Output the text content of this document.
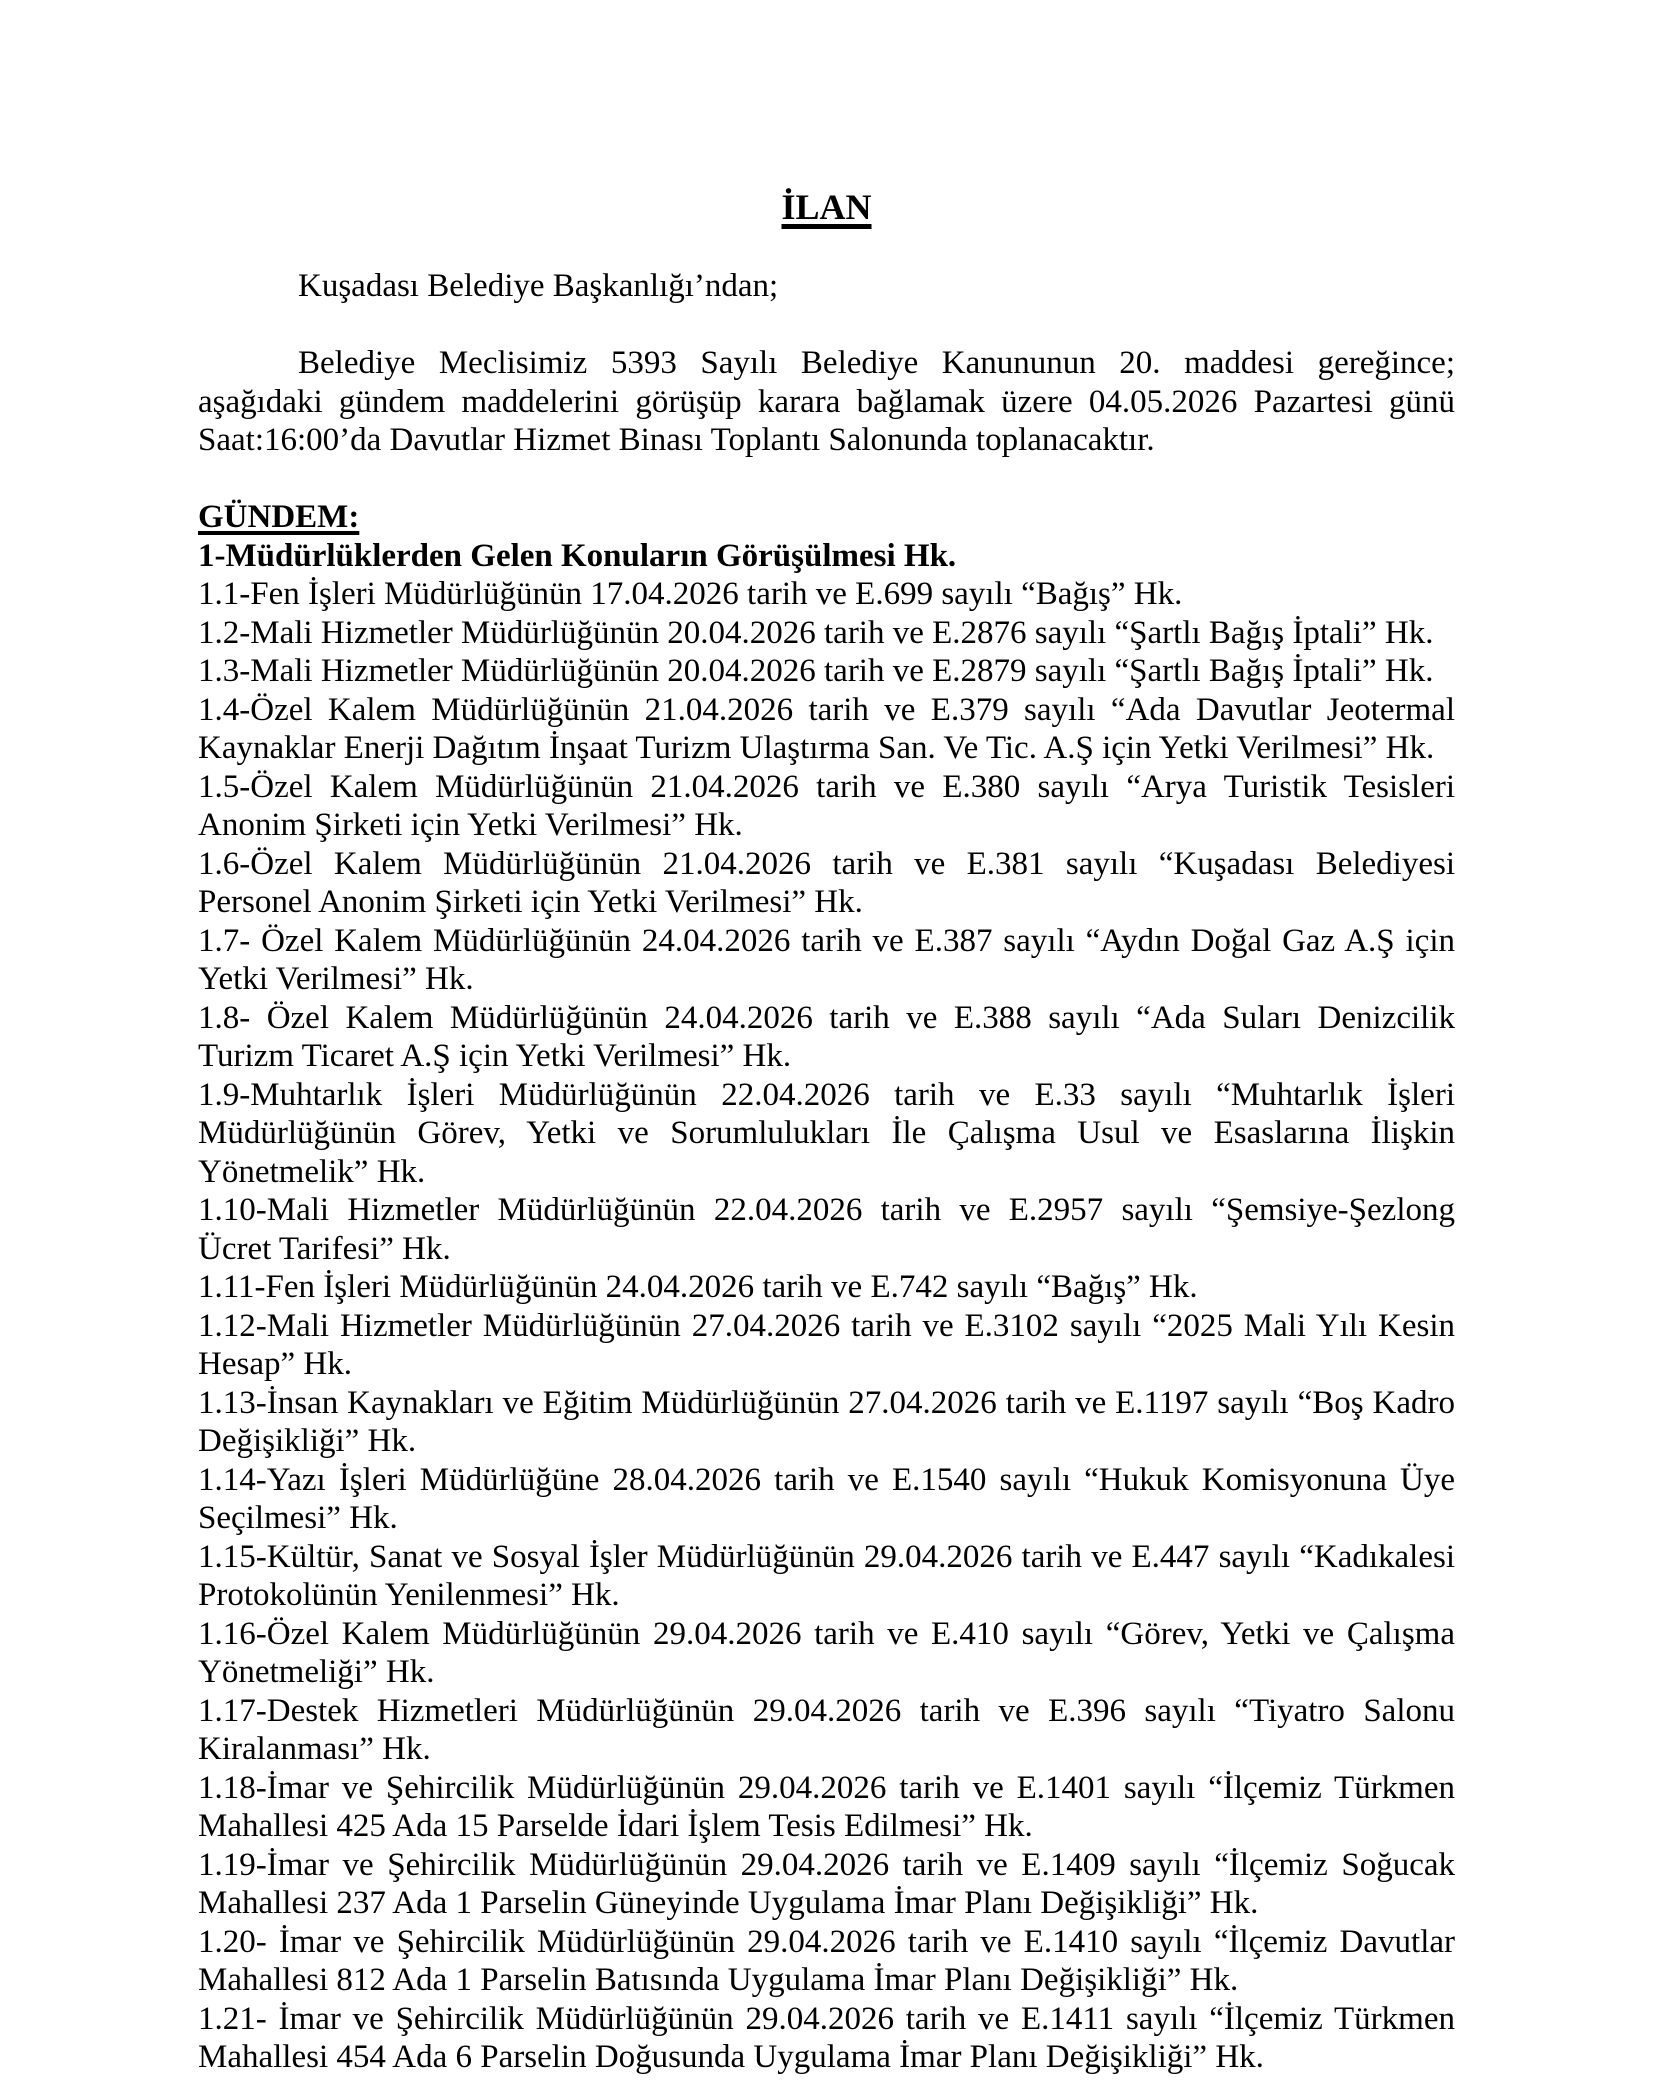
İLAN

Kuşadası Belediye Başkanlığı’ndan;

Belediye Meclisimiz 5393 Sayılı Belediye Kanununun 20. maddesi gereğince; aşağıdaki gündem maddelerini görüşüp karara bağlamak üzere 04.05.2026 Pazartesi günü Saat:16:00’da Davutlar Hizmet Binası Toplantı Salonunda toplanacaktır.

GÜNDEM:

1-Müdürlüklerden Gelen Konuların Görüşülmesi Hk.

1.1-Fen İşleri Müdürlüğünün 17.04.2026 tarih ve E.699 sayılı “Bağış” Hk.

1.2-Mali Hizmetler Müdürlüğünün 20.04.2026 tarih ve E.2876 sayılı “Şartlı Bağış İptali” Hk.

1.3-Mali Hizmetler Müdürlüğünün 20.04.2026 tarih ve E.2879 sayılı “Şartlı Bağış İptali” Hk.

1.4-Özel Kalem Müdürlüğünün 21.04.2026 tarih ve E.379 sayılı “Ada Davutlar Jeotermal Kaynaklar Enerji Dağıtım İnşaat Turizm Ulaştırma San. Ve Tic. A.Ş için Yetki Verilmesi” Hk.

1.5-Özel Kalem Müdürlüğünün 21.04.2026 tarih ve E.380 sayılı “Arya Turistik Tesisleri Anonim Şirketi için Yetki Verilmesi” Hk.

1.6-Özel Kalem Müdürlüğünün 21.04.2026 tarih ve E.381 sayılı “Kuşadası Belediyesi Personel Anonim Şirketi için Yetki Verilmesi” Hk.

1.7- Özel Kalem Müdürlüğünün 24.04.2026 tarih ve E.387 sayılı “Aydın Doğal Gaz A.Ş için Yetki Verilmesi” Hk.

1.8- Özel Kalem Müdürlüğünün 24.04.2026 tarih ve E.388 sayılı “Ada Suları Denizcilik Turizm Ticaret A.Ş için Yetki Verilmesi” Hk.

1.9-Muhtarlık İşleri Müdürlüğünün 22.04.2026 tarih ve E.33 sayılı “Muhtarlık İşleri Müdürlüğünün Görev, Yetki ve Sorumlulukları İle Çalışma Usul ve Esaslarına İlişkin Yönetmelik” Hk.

1.10-Mali Hizmetler Müdürlüğünün 22.04.2026 tarih ve E.2957 sayılı “Şemsiye-Şezlong Ücret Tarifesi” Hk.

1.11-Fen İşleri Müdürlüğünün 24.04.2026 tarih ve E.742 sayılı “Bağış” Hk.

1.12-Mali Hizmetler Müdürlüğünün 27.04.2026 tarih ve E.3102 sayılı “2025 Mali Yılı Kesin Hesap” Hk.

1.13-İnsan Kaynakları ve Eğitim Müdürlüğünün 27.04.2026 tarih ve E.1197 sayılı “Boş Kadro Değişikliği” Hk.

1.14-Yazı İşleri Müdürlüğüne 28.04.2026 tarih ve E.1540 sayılı “Hukuk Komisyonuna Üye Seçilmesi” Hk.

1.15-Kültür, Sanat ve Sosyal İşler Müdürlüğünün 29.04.2026 tarih ve E.447 sayılı “Kadıkalesi Protokolünün Yenilenmesi” Hk.

1.16-Özel Kalem Müdürlüğünün 29.04.2026 tarih ve E.410 sayılı “Görev, Yetki ve Çalışma Yönetmeliği” Hk.

1.17-Destek Hizmetleri Müdürlüğünün 29.04.2026 tarih ve E.396 sayılı “Tiyatro Salonu Kiralanması” Hk.

1.18-İmar ve Şehircilik Müdürlüğünün 29.04.2026 tarih ve E.1401 sayılı “İlçemiz Türkmen Mahallesi 425 Ada 15 Parselde İdari İşlem Tesis Edilmesi” Hk.

1.19-İmar ve Şehircilik Müdürlüğünün 29.04.2026 tarih ve E.1409 sayılı “İlçemiz Soğucak Mahallesi 237 Ada 1 Parselin Güneyinde Uygulama İmar Planı Değişikliği” Hk.

1.20- İmar ve Şehircilik Müdürlüğünün 29.04.2026 tarih ve E.1410 sayılı “İlçemiz Davutlar Mahallesi 812 Ada 1 Parselin Batısında Uygulama İmar Planı Değişikliği” Hk.

1.21- İmar ve Şehircilik Müdürlüğünün 29.04.2026 tarih ve E.1411 sayılı “İlçemiz Türkmen Mahallesi 454 Ada 6 Parselin Doğusunda Uygulama İmar Planı Değişikliği” Hk.
